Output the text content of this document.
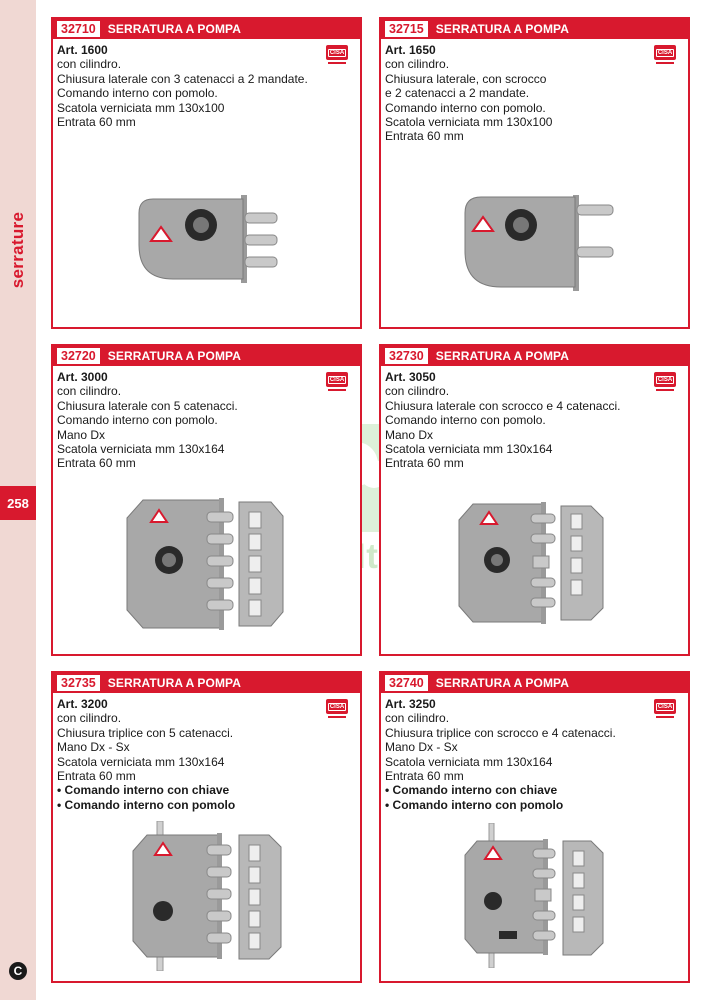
serrature
258
C
32710	SERRATURA A POMPA
CISA
Art. 1600
con cilindro.
Chiusura laterale con 3 catenacci a 2 mandate.
Comando interno con pomolo.
Scatola verniciata mm 130x100
Entrata 60 mm
32715	SERRATURA A POMPA
CISA
Art. 1650
con cilindro.
Chiusura laterale, con scrocco
e 2 catenacci a 2 mandate.
Comando interno con pomolo.
Scatola verniciata mm 130x100
Entrata 60 mm
32720	SERRATURA A POMPA
CISA
Art. 3000
con cilindro.
Chiusura laterale con 5 catenacci.
Comando interno con pomolo.
Mano Dx
Scatola verniciata mm 130x164
Entrata 60 mm
32730	SERRATURA A POMPA
CISA
Art. 3050
con cilindro.
Chiusura laterale con scrocco e 4 catenacci.
Comando interno con pomolo.
Mano Dx
Scatola verniciata mm 130x164
Entrata 60 mm
32735	SERRATURA A POMPA
CISA
Art. 3200
con cilindro.
Chiusura triplice con 5 catenacci.
Mano Dx - Sx
Scatola verniciata mm 130x164
Entrata 60 mm
• Comando interno con chiave
• Comando interno con pomolo
32740	SERRATURA A POMPA
CISA
Art. 3250
con cilindro.
Chiusura triplice con scrocco e 4 catenacci.
Mano Dx - Sx
Scatola verniciata mm 130x164
Entrata 60 mm
• Comando interno con chiave
• Comando interno con pomolo
